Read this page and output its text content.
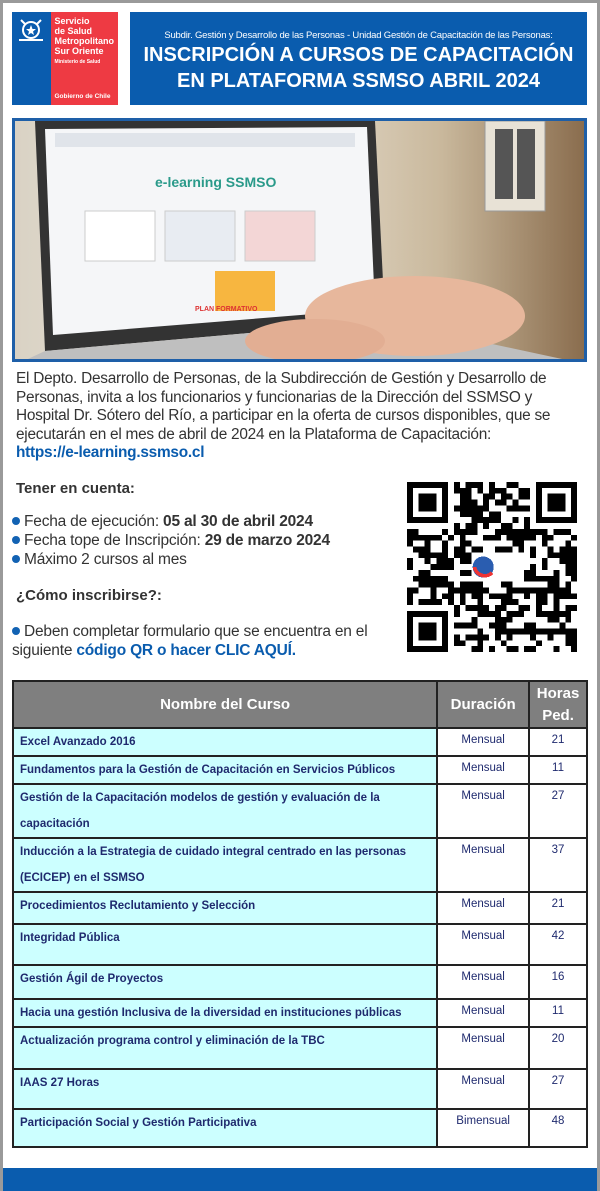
Servicio
de Salud
Metropolitano
Sur Oriente
Ministerio de Salud
Gobierno de Chile
Subdir. Gestión y Desarrollo de las Personas - Unidad Gestión de Capacitación de las Personas:
INSCRIPCIÓN A CURSOS DE CAPACITACIÓN
EN PLATAFORMA SSMSO ABRIL 2024
e-learning SSMSO
PLAN FORMATIVO
El Depto. Desarrollo de Personas, de la Subdirección de Gestión y Desarrollo de Personas, invita a los funcionarios y funcionarias de la Dirección del SSMSO y Hospital Dr. Sótero del Río, a participar en la oferta de cursos disponibles, que se ejecutarán en el mes de abril de 2024 en la Plataforma de Capacitación:
https://e-learning.ssmso.cl
Tener en cuenta:
Fecha de ejecución: 05 al 30 de abril 2024
Fecha tope de Inscripción: 29 de marzo 2024
Máximo 2 cursos al mes
¿Cómo inscribirse?:
Deben completar formulario que se encuentra en el siguiente código QR o hacer CLIC AQUÍ.
Nombre del Curso	Duración	Horas Ped.
Excel Avanzado 2016	Mensual	21
Fundamentos para la Gestión de Capacitación en Servicios Públicos	Mensual	11
Gestión de la Capacitación modelos de gestión y evaluación de la capacitación	Mensual	27
Inducción a la Estrategia de cuidado integral centrado en las personas (ECICEP) en el SSMSO	Mensual	37
Procedimientos Reclutamiento y Selección	Mensual	21
Integridad Pública	Mensual	42
Gestión Ágil de Proyectos	Mensual	16
Hacia una gestión Inclusiva de la diversidad en instituciones públicas	Mensual	11
Actualización programa control y eliminación de la TBC	Mensual	20
IAAS 27 Horas	Mensual	27
Participación Social y Gestión Participativa	Bimensual	48
